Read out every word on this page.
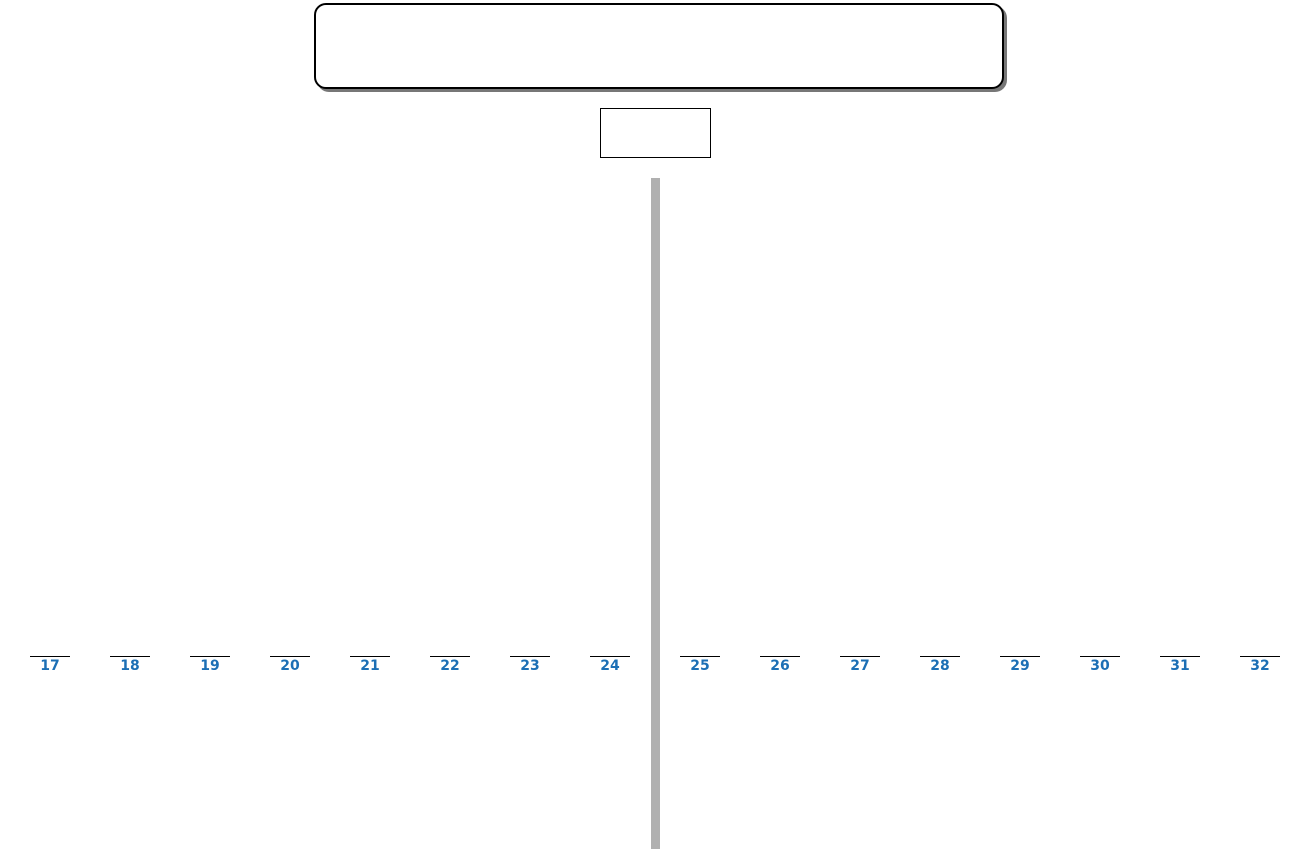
17	18	19	20	21	22	23	24	25	26	27	28	29	30	31	32
